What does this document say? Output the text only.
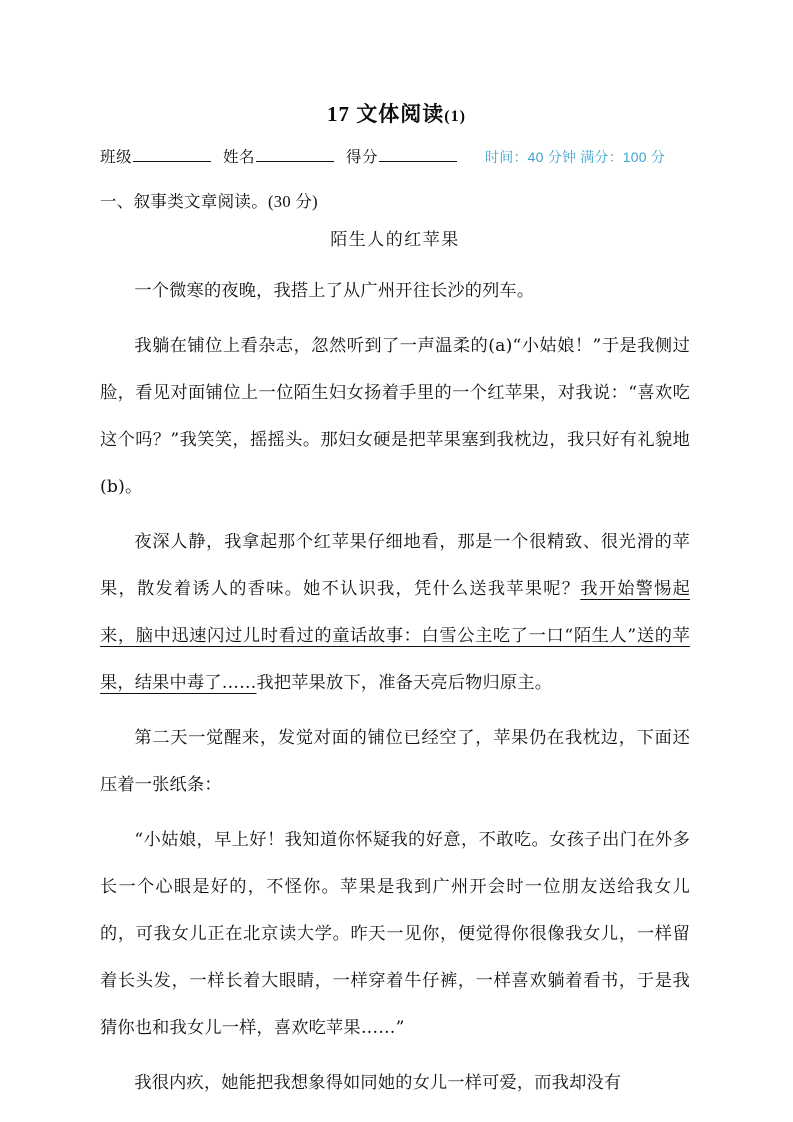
17 文体阅读(1)
班级	姓名	得分	时间：40 分钟 满分：100 分
一、叙事类文章阅读。(30 分)
陌生人的红苹果

一个微寒的夜晚，我搭上了从广州开往长沙的列车。

我躺在铺位上看杂志，忽然听到了一声温柔的(a)“小姑娘！”于是我侧过脸，看见对面铺位上一位陌生妇女扬着手里的一个红苹果，对我说：“喜欢吃这个吗？”我笑笑，摇摇头。那妇女硬是把苹果塞到我枕边，我只好有礼貌地(b)。

夜深人静，我拿起那个红苹果仔细地看，那是一个很精致、很光滑的苹果，散发着诱人的香味。她不认识我，凭什么送我苹果呢？我开始警惕起来，脑中迅速闪过儿时看过的童话故事：白雪公主吃了一口“陌生人”送的苹果，结果中毒了……我把苹果放下，准备天亮后物归原主。

第二天一觉醒来，发觉对面的铺位已经空了，苹果仍在我枕边，下面还压着一张纸条：

“小姑娘，早上好！我知道你怀疑我的好意，不敢吃。女孩子出门在外多长一个心眼是好的，不怪你。苹果是我到广州开会时一位朋友送给我女儿的，可我女儿正在北京读大学。昨天一见你，便觉得你很像我女儿，一样留着长头发，一样长着大眼睛，一样穿着牛仔裤，一样喜欢躺着看书，于是我猜你也和我女儿一样，喜欢吃苹果……”

我很内疚，她能把我想象得如同她的女儿一样可爱，而我却没有
